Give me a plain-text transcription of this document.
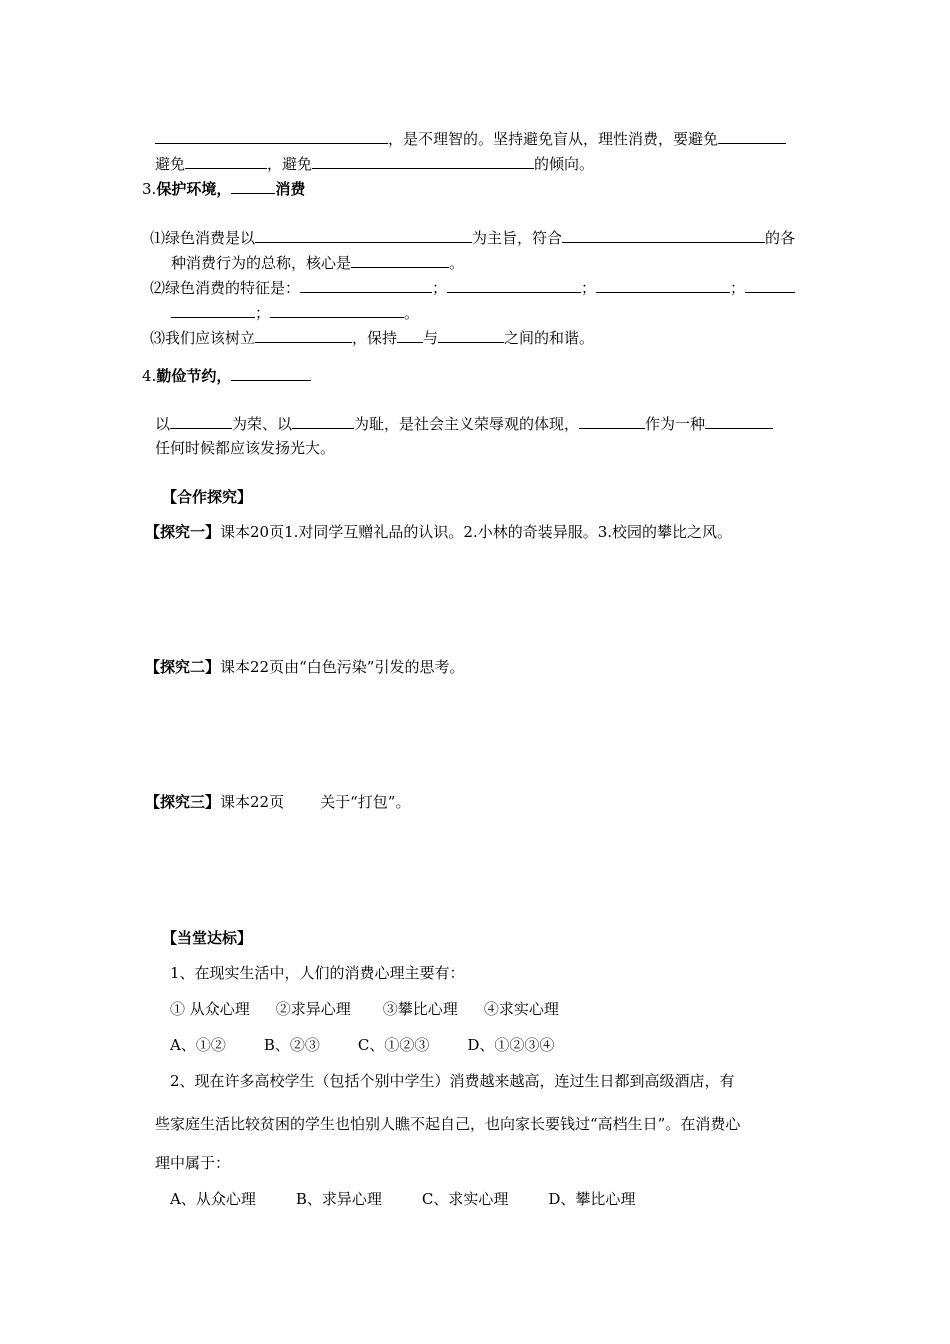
，是不理智的。坚持避免盲从，理性消费，要避免
避免	，避免	的倾向。
3.保护环境，	消费
⑴绿色消费是以	为主旨，符合	的各
种消费行为的总称，核心是	。
⑵绿色消费的特征是：	；	；	；
；	。
⑶我们应该树立	，保持 与	之间的和谐。
4.勤俭节约，
以	为荣、以	为耻，是社会主义荣辱观的体现，	作为一种
任何时候都应该发扬光大。
【合作探究】
【探究一】课本20页1.对同学互赠礼品的认识。2.小林的奇装异服。3.校园的攀比之风。
【探究二】课本22页由“白色污染”引发的思考。
【探究三】课本22页 关于“打包”。
【当堂达标】
1、在现实生活中，人们的消费心理主要有：
① 从众心理 ②求异心理 ③攀比心理 ④求实心理
A、①②	B、②③	C、①②③	D、①②③④
2、现在许多高校学生（包括个别中学生）消费越来越高，连过生日都到高级酒店，有
些家庭生活比较贫困的学生也怕别人瞧不起自己，也向家长要钱过“高档生日”。在消费心
理中属于：
A、从众心理	B、求异心理	C、求实心理	D、攀比心理
